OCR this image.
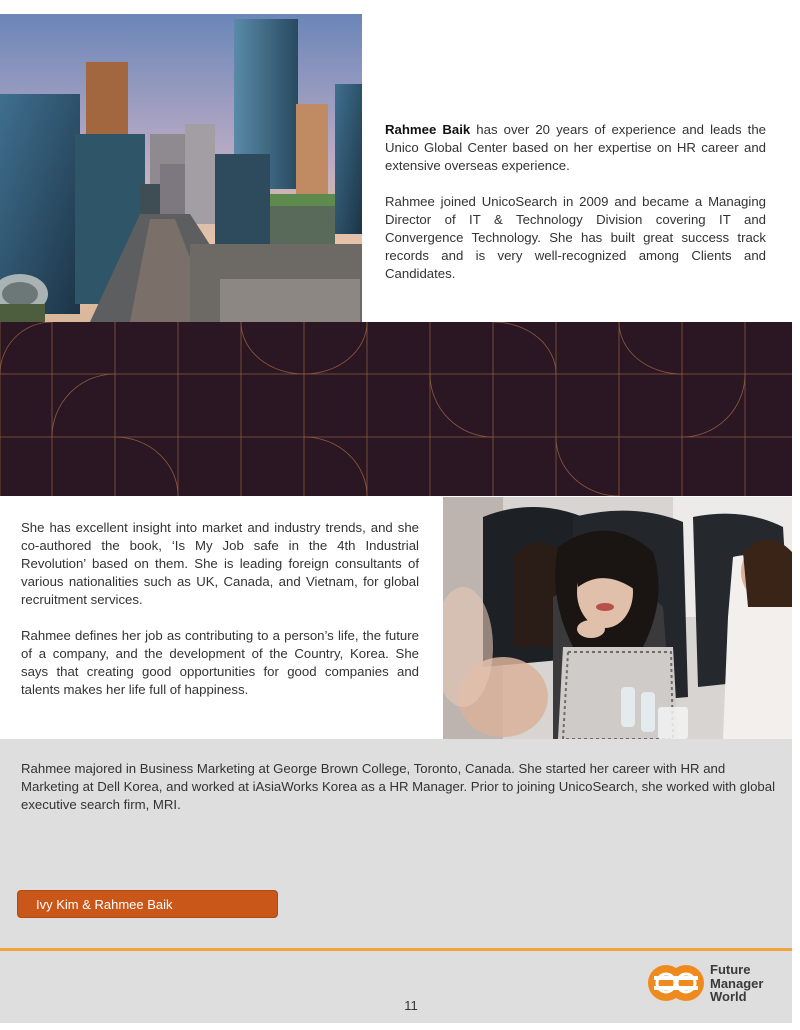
Rahmee Baik has over 20 years of experience and leads the Unico Global Center based on her expertise on HR career and extensive overseas experience.

Rahmee joined UnicoSearch in 2009 and became a Managing Director of IT & Technology Division covering IT and Convergence Technology. She has built great success track records and is very well-recognized among Clients and Candidates.

She has excellent insight into market and industry trends, and she co-authored the book, ‘Is My Job safe in the 4th Industrial Revolution’ based on them. She is leading foreign consultants of various nationalities such as UK, Canada, and Vietnam, for global recruitment services.

Rahmee defines her job as contributing to a person’s life, the future of a company, and the development of the Country, Korea. She says that creating good opportunities for good companies and talents makes her life full of happiness.

Rahmee majored in Business Marketing at George Brown College, Toronto, Canada. She started her career with HR and Marketing at Dell Korea, and worked at iAsiaWorks Korea as a HR Manager. Prior to joining UnicoSearch, she worked with global executive search firm, MRI.

Ivy Kim & Rahmee Baik
Future
Manager
World
11
